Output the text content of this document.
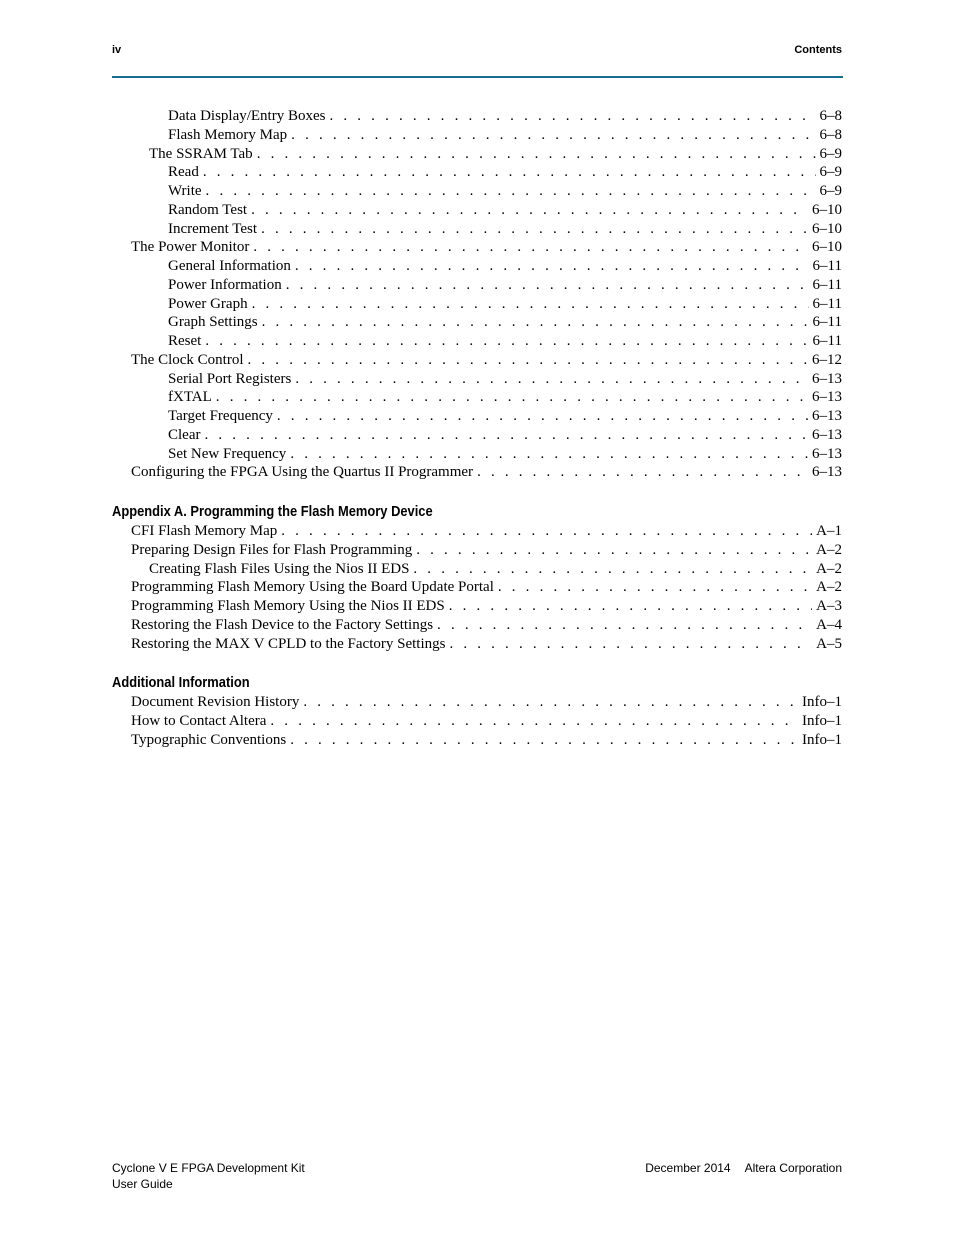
iv	Contents
Data Display/Entry Boxes . . .	6–8
Flash Memory Map . . .	6–8
The SSRAM Tab . . .	6–9
Read . . .	6–9
Write . . .	6–9
Random Test . . .	6–10
Increment Test . . .	6–10
The Power Monitor . . .	6–10
General Information . . .	6–11
Power Information . . .	6–11
Power Graph . . .	6–11
Graph Settings . . .	6–11
Reset . . .	6–11
The Clock Control . . .	6–12
Serial Port Registers . . .	6–13
fXTAL . . .	6–13
Target Frequency . . .	6–13
Clear . . .	6–13
Set New Frequency . . .	6–13
Configuring the FPGA Using the Quartus II Programmer . . .	6–13
Appendix A. Programming the Flash Memory Device
CFI Flash Memory Map . . .	A–1
Preparing Design Files for Flash Programming . . .	A–2
Creating Flash Files Using the Nios II EDS . . .	A–2
Programming Flash Memory Using the Board Update Portal . . .	A–2
Programming Flash Memory Using the Nios II EDS . . .	A–3
Restoring the Flash Device to the Factory Settings . . .	A–4
Restoring the MAX V CPLD to the Factory Settings . . .	A–5
Additional Information
Document Revision History . . .	Info–1
How to Contact Altera . . .	Info–1
Typographic Conventions . . .	Info–1
Cyclone V E FPGA Development Kit
User Guide
December 2014 Altera Corporation
